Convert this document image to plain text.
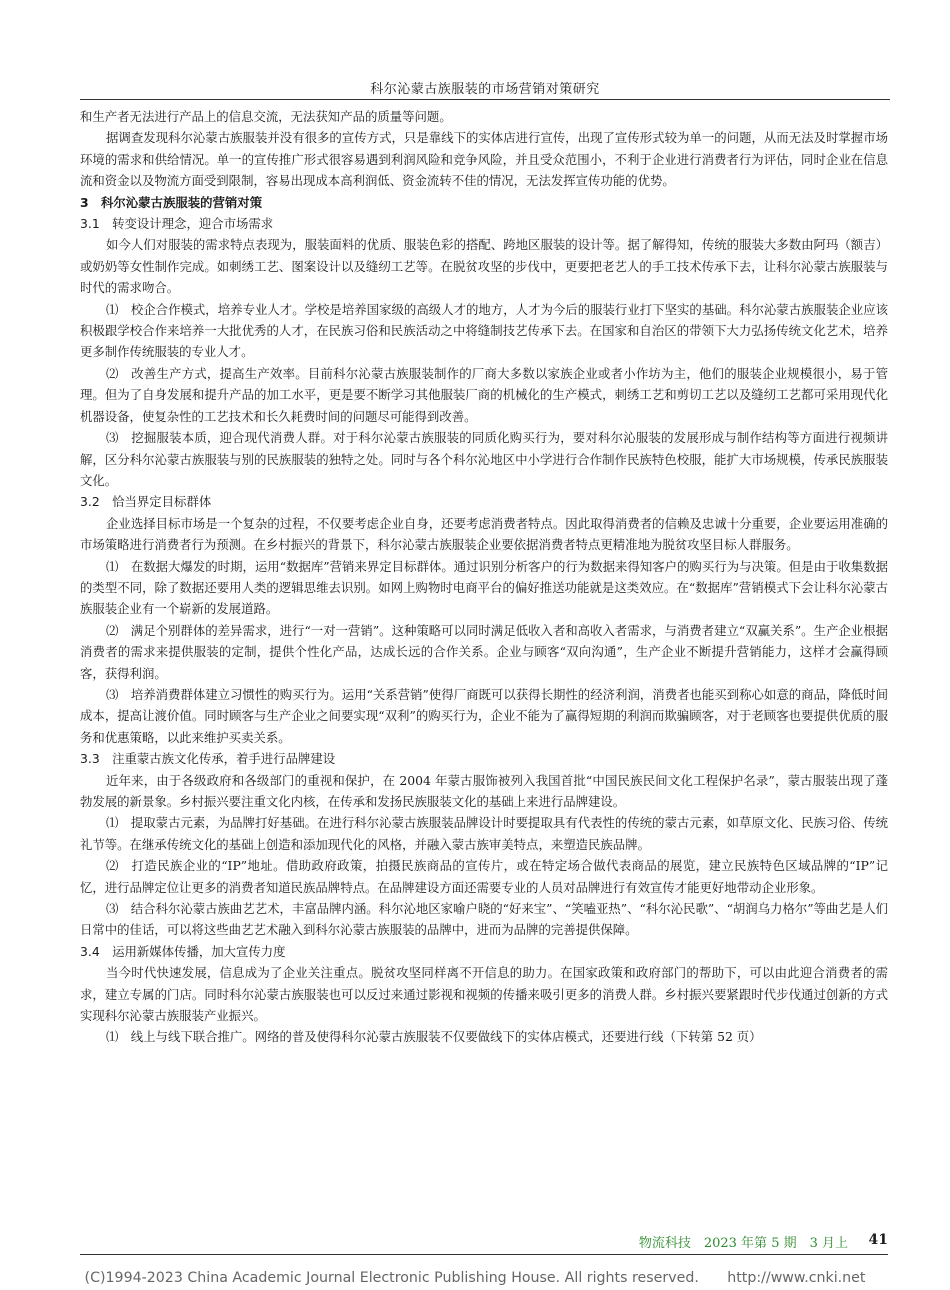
科尔沁蒙古族服装的市场营销对策研究

和生产者无法进行产品上的信息交流，无法获知产品的质量等问题。

据调查发现科尔沁蒙古族服装并没有很多的宣传方式，只是靠线下的实体店进行宣传，出现了宣传形式较为单一的问题，从而无法及时掌握市场环境的需求和供给情况。单一的宣传推广形式很容易遇到利润风险和竞争风险，并且受众范围小，不利于企业进行消费者行为评估，同时企业在信息流和资金以及物流方面受到限制，容易出现成本高利润低、资金流转不佳的情况，无法发挥宣传功能的优势。

3　科尔沁蒙古族服装的营销对策

3.1　转变设计理念，迎合市场需求

如今人们对服装的需求特点表现为，服装面料的优质、服装色彩的搭配、跨地区服装的设计等。据了解得知，传统的服装大多数由阿玛（额吉） 或奶奶等女性制作完成。如刺绣工艺、图案设计以及缝纫工艺等。在脱贫攻坚的步伐中，更要把老艺人的手工技术传承下去，让科尔沁蒙古族服装与时代的需求吻合。

⑴　校企合作模式，培养专业人才。学校是培养国家级的高级人才的地方，人才为今后的服装行业打下坚实的基础。科尔沁蒙古族服装企业应该积极跟学校合作来培养一大批优秀的人才，在民族习俗和民族活动之中将缝制技艺传承下去。在国家和自治区的带领下大力弘扬传统文化艺术，培养更多制作传统服装的专业人才。

⑵　改善生产方式，提高生产效率。目前科尔沁蒙古族服装制作的厂商大多数以家族企业或者小作坊为主，他们的服装企业规模很小，易于管理。但为了自身发展和提升产品的加工水平，更是要不断学习其他服装厂商的机械化的生产模式，刺绣工艺和剪切工艺以及缝纫工艺都可采用现代化机器设备，使复杂性的工艺技术和长久耗费时间的问题尽可能得到改善。

⑶　挖掘服装本质，迎合现代消费人群。对于科尔沁蒙古族服装的同质化购买行为，要对科尔沁服装的发展形成与制作结构等方面进行视频讲解，区分科尔沁蒙古族服装与别的民族服装的独特之处。同时与各个科尔沁地区中小学进行合作制作民族特色校服，能扩大市场规模，传承民族服装文化。

3.2　恰当界定目标群体

企业选择目标市场是一个复杂的过程，不仅要考虑企业自身，还要考虑消费者特点。因此取得消费者的信赖及忠诚十分重要，企业要运用准确的市场策略进行消费者行为预测。在乡村振兴的背景下，科尔沁蒙古族服装企业要依据消费者特点更精准地为脱贫攻坚目标人群服务。

⑴　在数据大爆发的时期，运用“数据库”营销来界定目标群体。通过识别分析客户的行为数据来得知客户的购买行为与决策。但是由于收集数据的类型不同，除了数据还要用人类的逻辑思维去识别。如网上购物时电商平台的偏好推送功能就是这类效应。在“数据库”营销模式下会让科尔沁蒙古族服装企业有一个崭新的发展道路。

⑵　满足个别群体的差异需求，进行“一对一营销”。这种策略可以同时满足低收入者和高收入者需求，与消费者建立“双赢关系”。生产企业根据消费者的需求来提供服装的定制，提供个性化产品，达成长远的合作关系。企业与顾客“双向沟通”，生产企业不断提升营销能力，这样才会赢得顾客，获得利润。

⑶　培养消费群体建立习惯性的购买行为。运用“关系营销”使得厂商既可以获得长期性的经济利润，消费者也能买到称心如意的商品，降低时间成本，提高让渡价值。同时顾客与生产企业之间要实现“双利”的购买行为，企业不能为了赢得短期的利润而欺骗顾客，对于老顾客也要提供优质的服务和优惠策略，以此来维护买卖关系。

3.3　注重蒙古族文化传承，着手进行品牌建设

近年来，由于各级政府和各级部门的重视和保护，在 2004 年蒙古服饰被列入我国首批“中国民族民间文化工程保护名录”，蒙古服装出现了蓬勃发展的新景象。乡村振兴要注重文化内核，在传承和发扬民族服装文化的基础上来进行品牌建设。

⑴　提取蒙古元素，为品牌打好基础。在进行科尔沁蒙古族服装品牌设计时要提取具有代表性的传统的蒙古元素，如草原文化、民族习俗、传统礼节等。在继承传统文化的基础上创造和添加现代化的风格，并融入蒙古族审美特点，来塑造民族品牌。

⑵　打造民族企业的“IP”地址。借助政府政策，拍摄民族商品的宣传片，或在特定场合做代表商品的展览，建立民族特色区域品牌的“IP”记忆，进行品牌定位让更多的消费者知道民族品牌特点。在品牌建设方面还需要专业的人员对品牌进行有效宣传才能更好地带动企业形象。

⑶　结合科尔沁蒙古族曲艺艺术，丰富品牌内涵。科尔沁地区家喻户晓的“好来宝”、“笑嗑亚热”、“科尔沁民歌”、“胡润乌力格尔”等曲艺是人们日常中的佳话，可以将这些曲艺艺术融入到科尔沁蒙古族服装的品牌中，进而为品牌的完善提供保障。

3.4　运用新媒体传播，加大宣传力度

当今时代快速发展，信息成为了企业关注重点。脱贫攻坚同样离不开信息的助力。在国家政策和政府部门的帮助下，可以由此迎合消费者的需求，建立专属的门店。同时科尔沁蒙古族服装也可以反过来通过影视和视频的传播来吸引更多的消费人群。乡村振兴要紧跟时代步伐通过创新的方式实现科尔沁蒙古族服装产业振兴。

⑴　线上与线下联合推广。网络的普及使得科尔沁蒙古族服装不仅要做线下的实体店模式，还要进行线（下转第 52 页）

物流科技　2023 年第 5 期　3 月上 41
(C)1994-2023 China Academic Journal Electronic Publishing House. All rights reserved.　　http://www.cnki.net
